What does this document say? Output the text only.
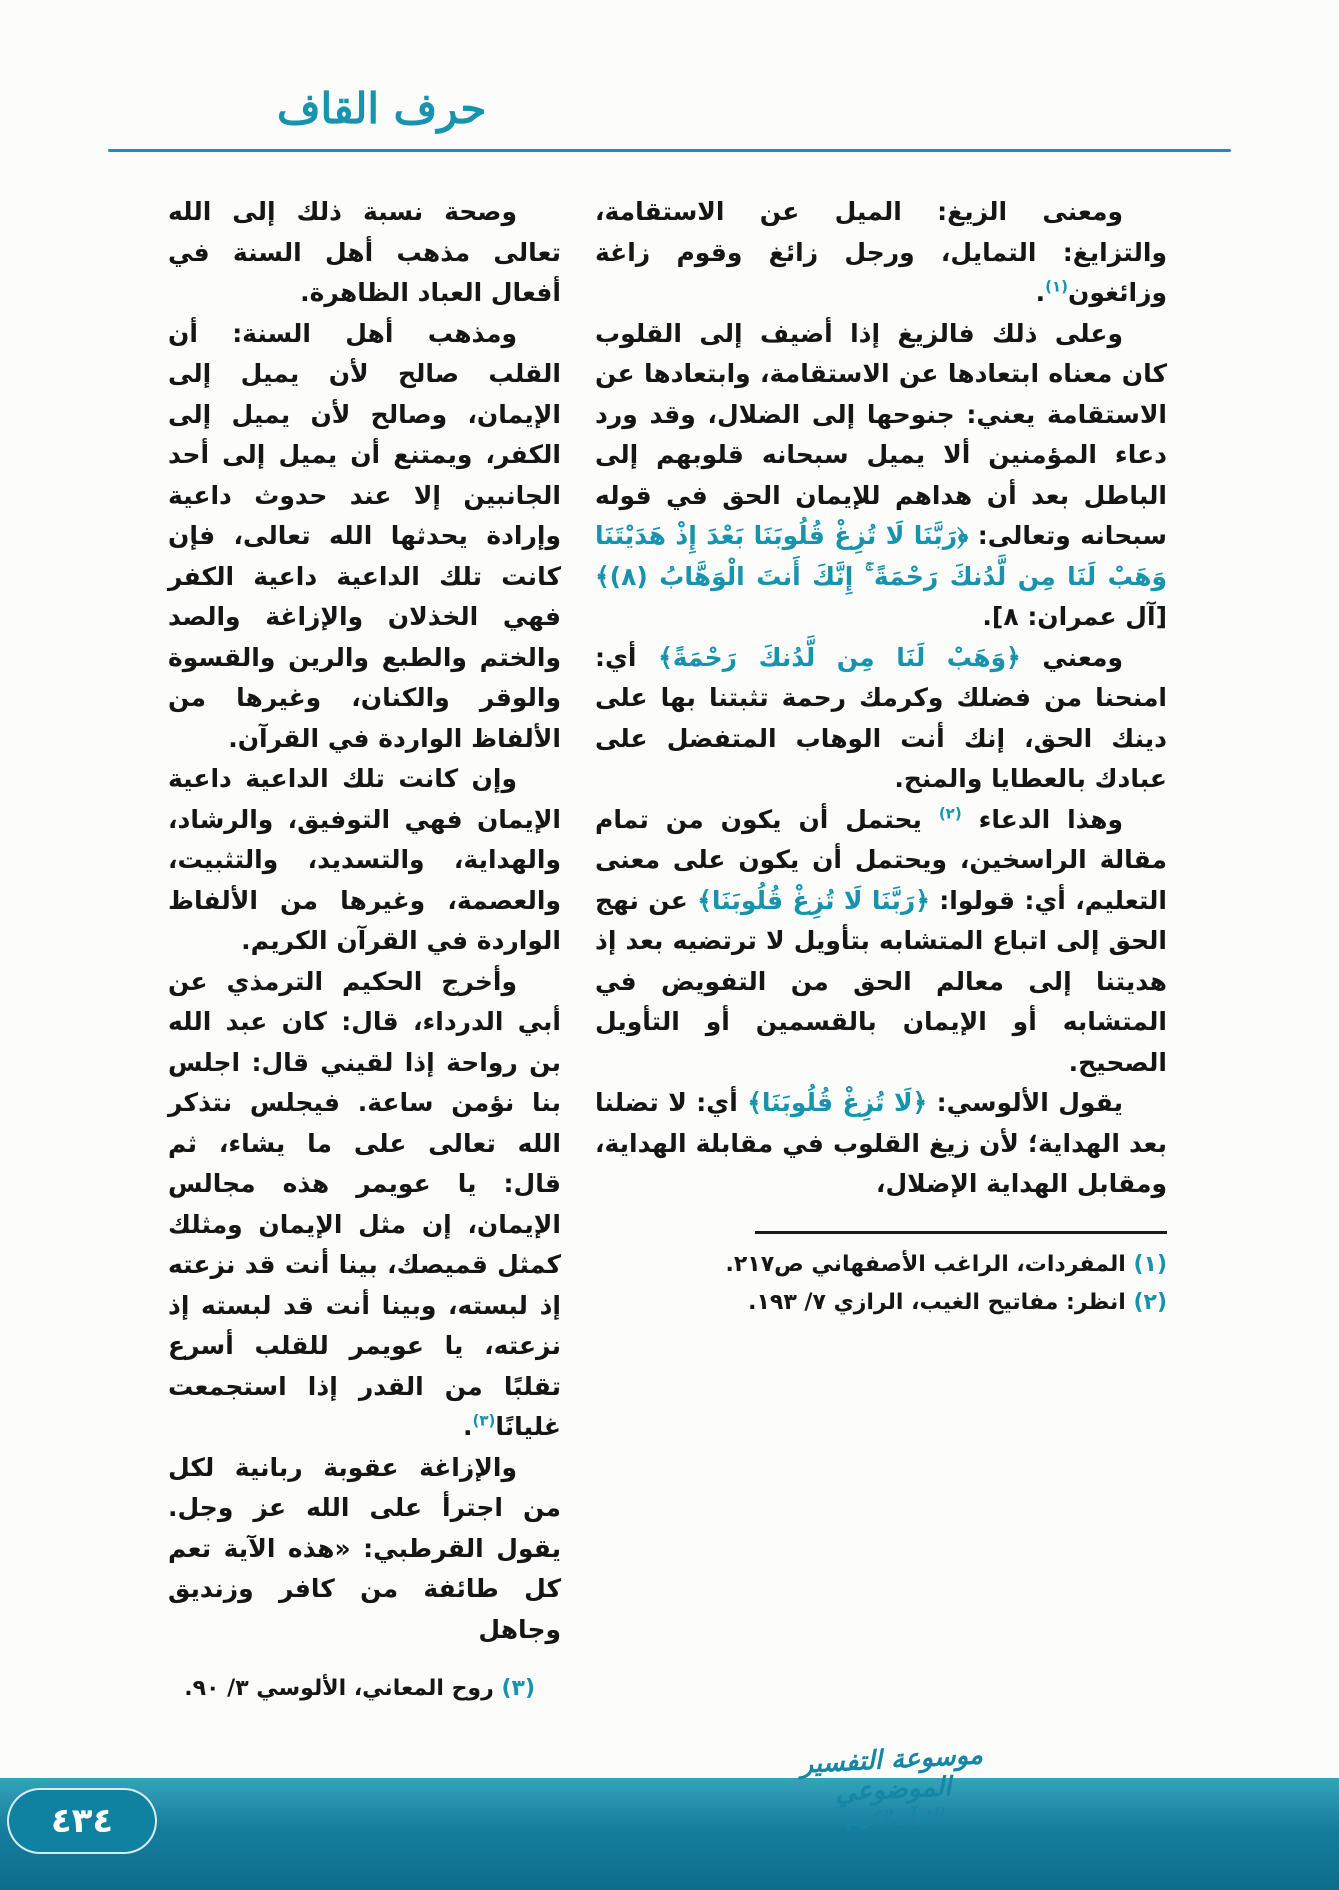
حرف القاف

ومعنى الزيغ: الميل عن الاستقامة، والتزايغ: التمايل، ورجل زائغ وقوم زاغة وزائغون$^{(١)}$.

وعلى ذلك فالزيغ إذا أضيف إلى القلوب كان معناه ابتعادها عن الاستقامة، وابتعادها عن الاستقامة يعني: جنوحها إلى الضلال، وقد ورد دعاء المؤمنين ألا يميل سبحانه قلوبهم إلى الباطل بعد أن هداهم للإيمان الحق في قوله سبحانه وتعالى: ﴿رَبَّنَا لَا تُزِغْ قُلُوبَنَا بَعْدَ إِذْ هَدَيْتَنَا وَهَبْ لَنَا مِن لَّدُنكَ رَحْمَةً ۚ إِنَّكَ أَنتَ الْوَهَّابُ (٨)﴾ [آل عمران: ٨].

ومعني ﴿وَهَبْ لَنَا مِن لَّدُنكَ رَحْمَةً﴾ أي: امنحنا من فضلك وكرمك رحمة تثبتنا بها على دينك الحق، إنك أنت الوهاب المتفضل على عبادك بالعطايا والمنح.

وهذا الدعاء $^{(٢)}$ يحتمل أن يكون من تمام مقالة الراسخين، ويحتمل أن يكون على معنى التعليم، أي: قولوا: ﴿رَبَّنَا لَا تُزِغْ قُلُوبَنَا﴾ عن نهج الحق إلى اتباع المتشابه بتأويل لا ترتضيه بعد إذ هديتنا إلى معالم الحق من التفويض في المتشابه أو الإيمان بالقسمين أو التأويل الصحيح.

يقول الألوسي: ﴿لَا تُزِغْ قُلُوبَنَا﴾ أي: لا تضلنا بعد الهداية؛ لأن زيغ القلوب في مقابلة الهداية، ومقابل الهداية الإضلال،

(١) المفردات، الراغب الأصفهاني ص٢١٧.
(٢) انظر: مفاتيح الغيب، الرازي ٧/ ١٩٣.

وصحة نسبة ذلك إلى الله تعالى مذهب أهل السنة في أفعال العباد الظاهرة.

ومذهب أهل السنة: أن القلب صالح لأن يميل إلى الإيمان، وصالح لأن يميل إلى الكفر، ويمتنع أن يميل إلى أحد الجانبين إلا عند حدوث داعية وإرادة يحدثها الله تعالى، فإن كانت تلك الداعية داعية الكفر فهي الخذلان والإزاغة والصد والختم والطبع والرين والقسوة والوقر والكنان، وغيرها من الألفاظ الواردة في القرآن.

وإن كانت تلك الداعية داعية الإيمان فهي التوفيق، والرشاد، والهداية، والتسديد، والتثبيت، والعصمة، وغيرها من الألفاظ الواردة في القرآن الكريم.

وأخرج الحكيم الترمذي عن أبي الدرداء، قال: كان عبد الله بن رواحة إذا لقيني قال: اجلس بنا نؤمن ساعة. فيجلس نتذكر الله تعالى على ما يشاء، ثم قال: يا عويمر هذه مجالس الإيمان، إن مثل الإيمان ومثلك كمثل قميصك، بينا أنت قد نزعته إذ لبسته، وبينا أنت قد لبسته إذ نزعته، يا عويمر للقلب أسرع تقلبًا من القدر إذا استجمعت غليانًا$^{(٣)}$.

والإزاغة عقوبة ربانية لكل من اجترأ على الله عز وجل. يقول القرطبي: «هذه الآية تعم كل طائفة من كافر وزنديق وجاهل

(٣) روح المعاني، الألوسي ٣/ ٩٠.
موسوعة التفسير الموضوعي
للقرآن الكريم
٤٣٤
